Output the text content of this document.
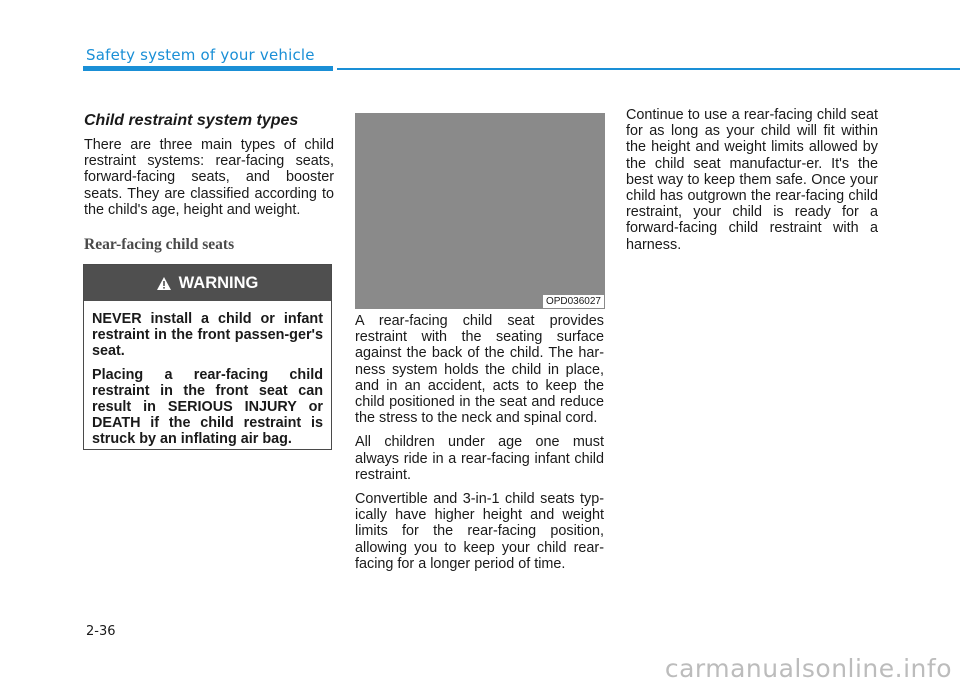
Safety system of your vehicle
Child restraint system types

There are three main types of child restraint systems: rear-facing seats, forward-facing seats, and booster seats. They are classified according to the child's age, height and weight.

Rear-facing child seats
WARNING

NEVER install a child or infant restraint in the front passen-ger's seat.

Placing a rear-facing child restraint in the front seat can result in SERIOUS INJURY or DEATH if the child restraint is struck by an inflating air bag.

OPD036027

A rear-facing child seat provides restraint with the seating surface against the back of the child. The har-ness system holds the child in place, and in an accident, acts to keep the child positioned in the seat and reduce the stress to the neck and spinal cord.

All children under age one must always ride in a rear-facing infant child restraint.

Convertible and 3-in-1 child seats typ-ically have higher height and weight limits for the rear-facing position, allowing you to keep your child rear-facing for a longer period of time.

Continue to use a rear-facing child seat for as long as your child will fit within the height and weight limits allowed by the child seat manufactur-er. It's the best way to keep them safe. Once your child has outgrown the rear-facing child restraint, your child is ready for a forward-facing child restraint with a harness.

2-36
carmanualsonline.info
